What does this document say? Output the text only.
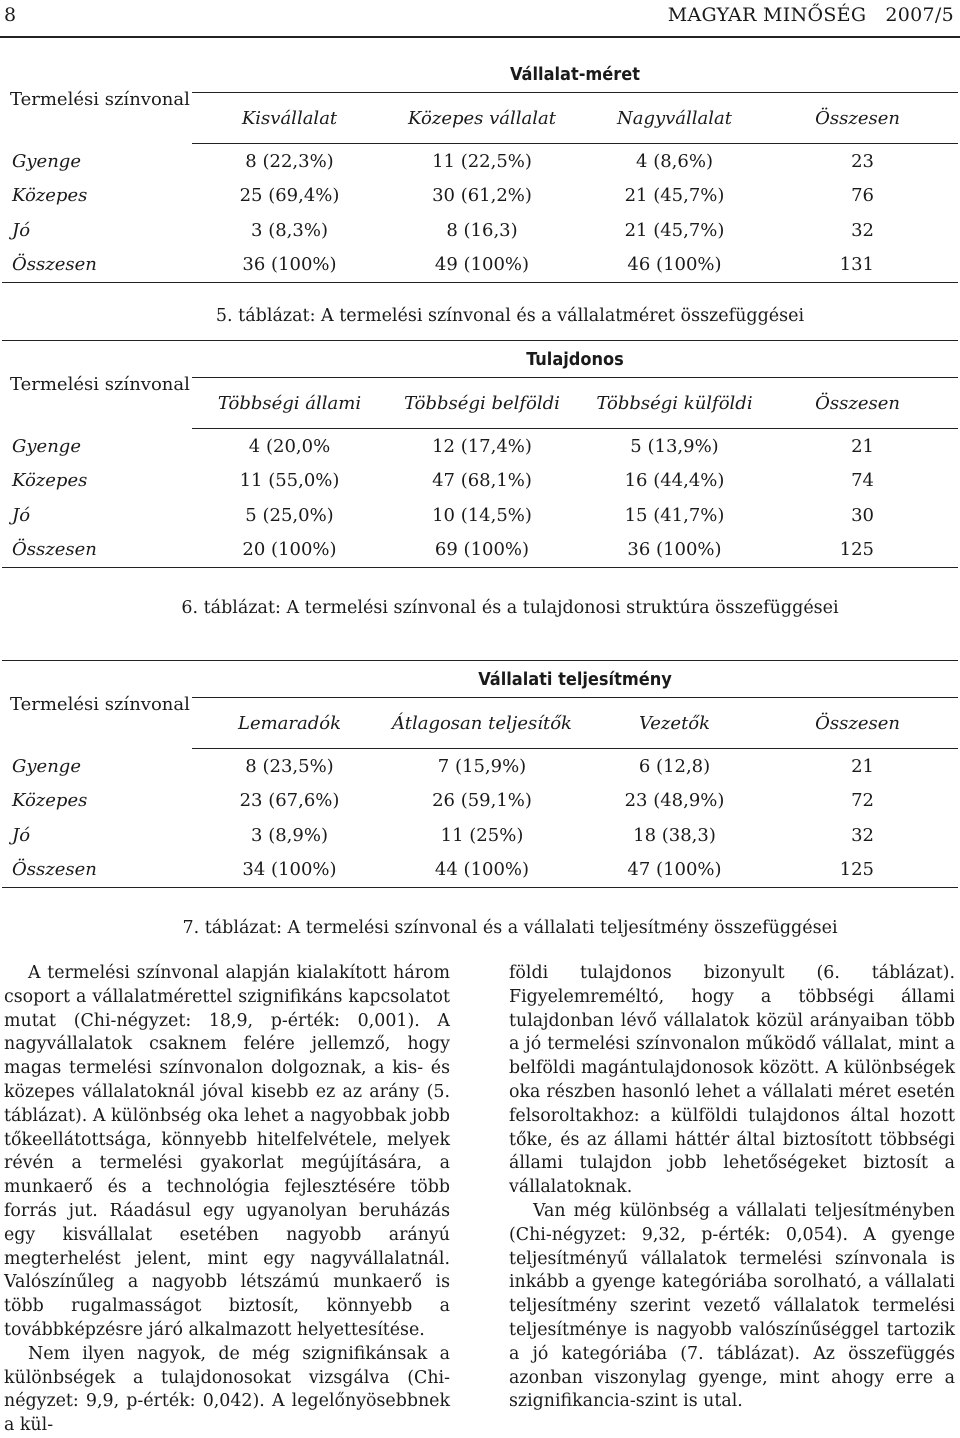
8	MAGYAR MINŐSÉG   2007/5
Termelési színvonal	Vállalat-méret			
	Kisvállalat	Közepes vállalat	Nagyvállalat	Összesen
Gyenge	8 (22,3%)	11 (22,5%)	4 (8,6%)	23
Közepes	25 (69,4%)	30 (61,2%)	21 (45,7%)	76
Jó	3 (8,3%)	8 (16,3)	21 (45,7%)	32
Összesen	36 (100%)	49 (100%)	46 (100%)	131
5. táblázat: A termelési színvonal és a vállalatméret összefüggései
Termelési színvonal	Tulajdonos			
	Többségi állami	Többségi belföldi	Többségi külföldi	Összesen
Gyenge	4 (20,0%	12 (17,4%)	5 (13,9%)	21
Közepes	11 (55,0%)	47 (68,1%)	16 (44,4%)	74
Jó	5 (25,0%)	10 (14,5%)	15 (41,7%)	30
Összesen	20 (100%)	69 (100%)	36 (100%)	125
6. táblázat: A termelési színvonal és a tulajdonosi struktúra összefüggései
Termelési színvonal	Vállalati teljesítmény			
	Lemaradók	Átlagosan teljesítők	Vezetők	Összesen
Gyenge	8 (23,5%)	7 (15,9%)	6 (12,8)	21
Közepes	23 (67,6%)	26 (59,1%)	23 (48,9%)	72
Jó	3 (8,9%)	11 (25%)	18 (38,3)	32
Összesen	34 (100%)	44 (100%)	47 (100%)	125
7. táblázat: A termelési színvonal és a vállalati teljesítmény összefüggései

A termelési színvonal alapján kialakított három csoport a vállalatmérettel szignifikáns kapcsolatot mutat (Chi-négyzet: 18,9, p-érték: 0,001). A nagyvállalatok csaknem felére jellemző, hogy magas termelési színvonalon dolgoznak, a kis- és közepes vállalatoknál jóval kisebb ez az arány (5. táblázat). A különbség oka lehet a nagyobbak jobb tőkeellátottsága, könnyebb hitelfelvétele, melyek révén a termelési gyakorlat megújítására, a munkaerő és a technológia fejlesztésére több forrás jut. Ráadásul egy ugyanolyan beruházás egy kisvállalat esetében nagyobb arányú megterhelést jelent, mint egy nagyvállalatnál. Valószínűleg a nagyobb létszámú munkaerő is több rugalmasságot biztosít, könnyebb a továbbképzésre járó alkalmazott helyettesítése.

Nem ilyen nagyok, de még szignifikánsak a különbségek a tulajdonosokat vizsgálva (Chi-négyzet: 9,9, p-érték: 0,042). A legelőnyösebbnek a kül-

földi tulajdonos bizonyult (6. táblázat). Figyelemreméltó, hogy a többségi állami tulajdonban lévő vállalatok közül arányaiban több a jó termelési színvonalon működő vállalat, mint a belföldi magántulajdonosok között. A különbségek oka részben hasonló lehet a vállalati méret esetén felsoroltakhoz: a külföldi tulajdonos által hozott tőke, és az állami háttér által biztosított többségi állami tulajdon jobb lehetőségeket biztosít a vállalatoknak.

Van még különbség a vállalati teljesítményben (Chi-négyzet: 9,32, p-érték: 0,054). A gyenge teljesítményű vállalatok termelési színvonala is inkább a gyenge kategóriába sorolható, a vállalati teljesítmény szerint vezető vállalatok termelési teljesítménye is nagyobb valószínűséggel tartozik a jó kategóriába (7. táblázat). Az összefüggés azonban viszonylag gyenge, mint ahogy erre a szignifikancia-szint is utal.
